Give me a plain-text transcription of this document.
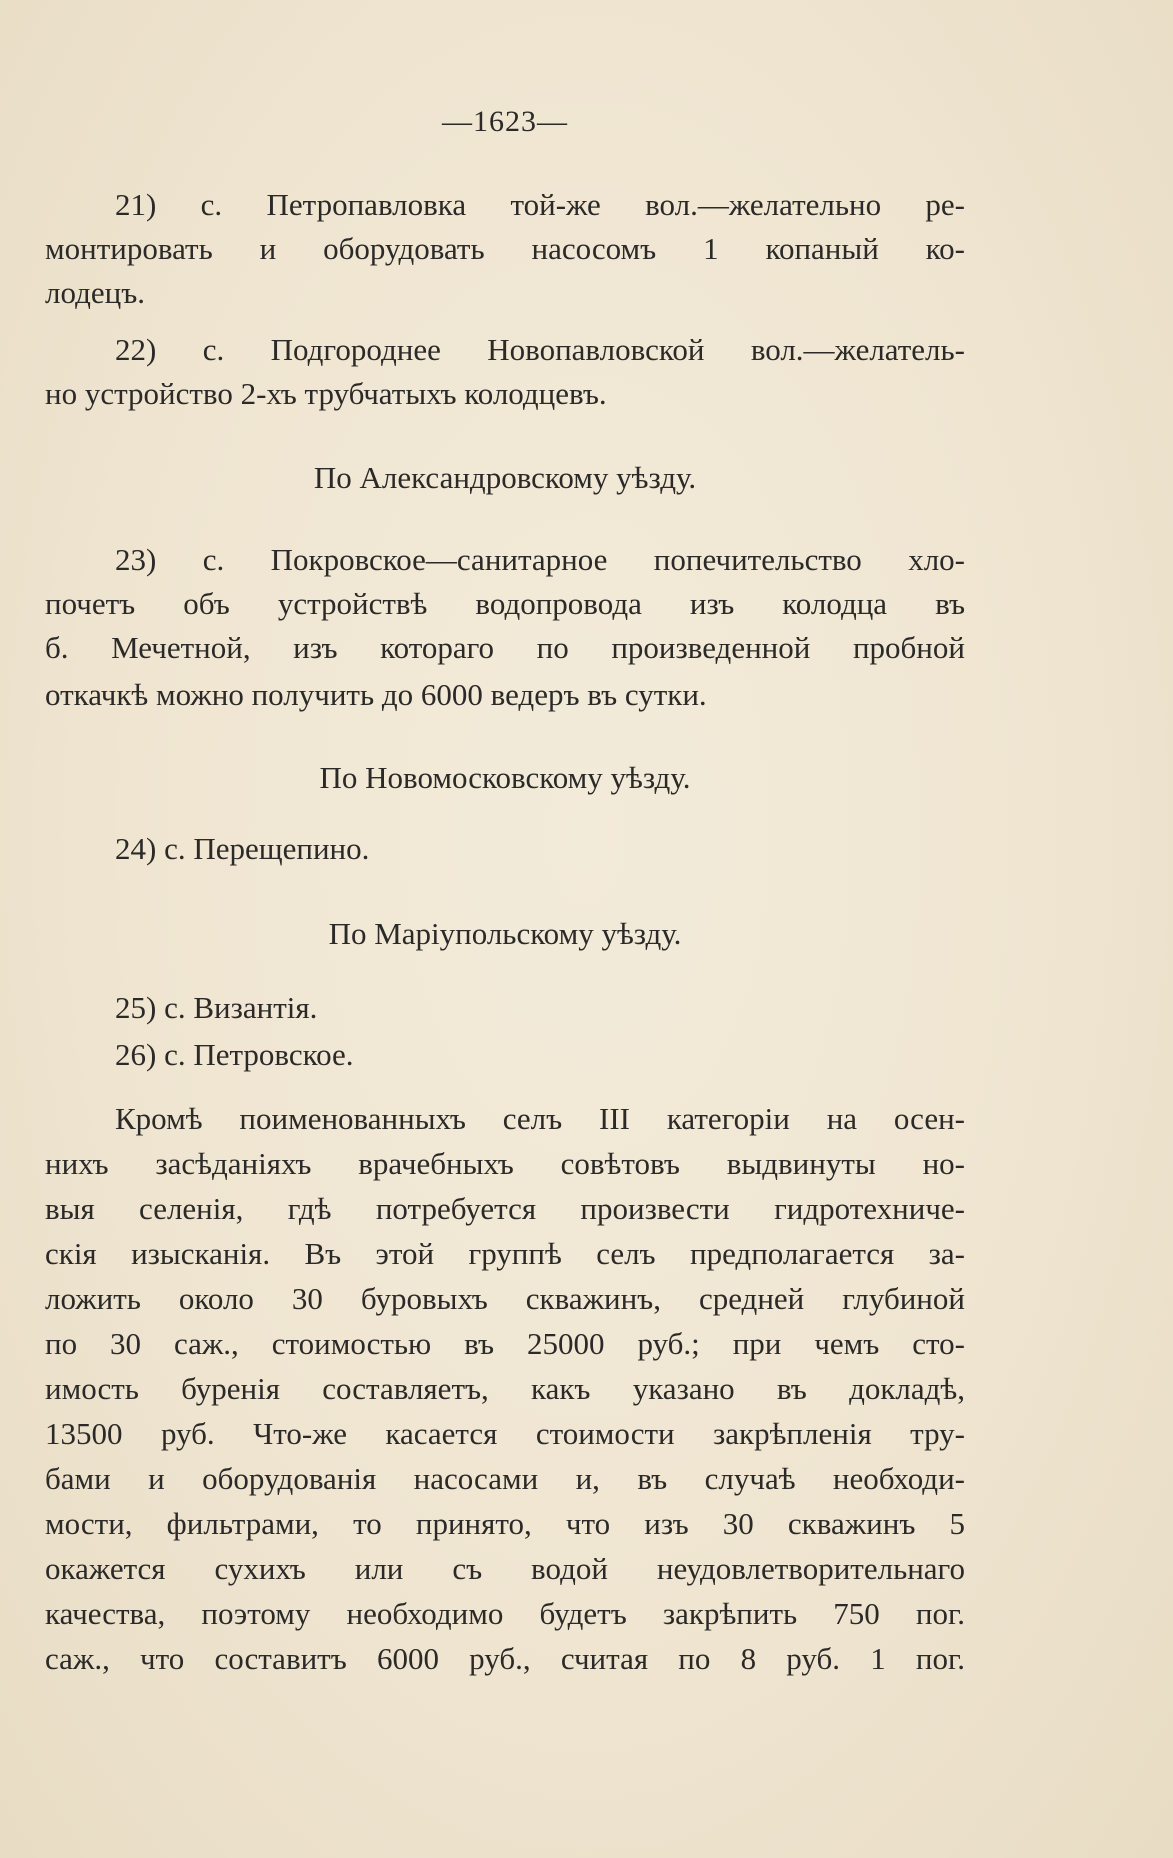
—1623—
21) с. Петропавловка той-же вол.—желательно ре-
монтировать и оборудовать насосомъ 1 копаный ко-
лодецъ.
22) с. Подгороднее Новопавловской вол.—желатель-
но устройство 2-хъ трубчатыхъ колодцевъ.
По Александровскому уѣзду.
23) с. Покровское—санитарное попечительство хло-
почетъ объ устройствѣ водопровода изъ колодца въ
б. Мечетной, изъ котораго по произведенной пробной
откачкѣ можно получить до 6000 ведеръ въ сутки.
По Новомосковскому уѣзду.
24) с. Перещепино.
По Маріупольскому уѣзду.
25) с. Византія.
26) с. Петровское.
Кромѣ поименованныхъ селъ III категоріи на осен-
нихъ засѣданіяхъ врачебныхъ совѣтовъ выдвинуты но-
выя селенія, гдѣ потребуется произвести гидротехниче-
скія изысканія. Въ этой группѣ селъ предполагается за-
ложить около 30 буровыхъ скважинъ, средней глубиной
по 30 саж., стоимостью въ 25000 руб.; при чемъ сто-
имость буренія составляетъ, какъ указано въ докладѣ,
13500 руб. Что-же касается стоимости закрѣпленія тру-
бами и оборудованія насосами и, въ случаѣ необходи-
мости, фильтрами, то принято, что изъ 30 скважинъ 5
окажется сухихъ или съ водой неудовлетворительнаго
качества, поэтому необходимо будетъ закрѣпить 750 пог.
саж., что составитъ 6000 руб., считая по 8 руб. 1 пог.
